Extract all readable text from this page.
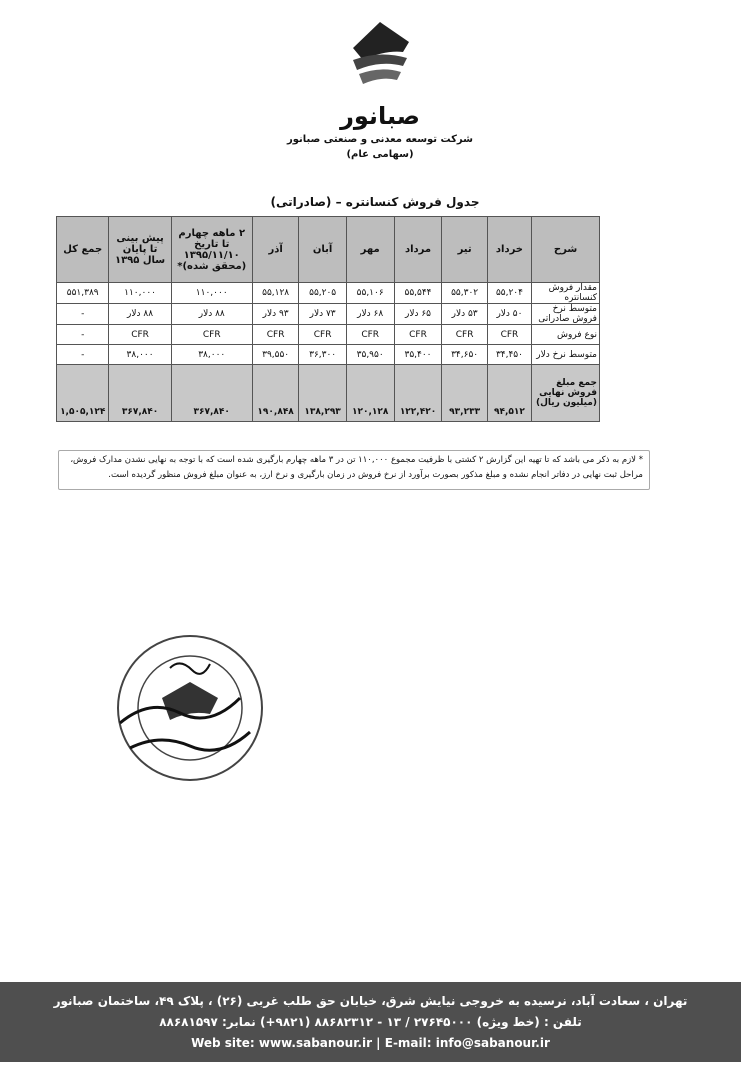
صبانور
شرکت توسعه معدنی و صنعتی صبانور
(سهامی عام)
جدول فروش کنسانتره – (صادراتی)
شرح	خرداد	تیر	مرداد	مهر	آبان	آذر	۲ ماهه چهارم تا تاریخ ۱۳۹۵/۱۱/۱۰ (محقق شده)*	پیش بینی تا پایان سال ۱۳۹۵	جمع کل
مقدار فروش کنسانتره	۵۵,۲۰۴	۵۵,۳۰۲	۵۵,۵۴۴	۵۵,۱۰۶	۵۵,۲۰۵	۵۵,۱۲۸	۱۱۰,۰۰۰	۱۱۰,۰۰۰	۵۵۱,۳۸۹
متوسط نرخ فروش صادراتی	۵۰ دلار	۵۳ دلار	۶۵ دلار	۶۸ دلار	۷۳ دلار	۹۳ دلار	۸۸ دلار	۸۸ دلار	-
نوع فروش	CFR	CFR	CFR	CFR	CFR	CFR	CFR	CFR	-
متوسط نرخ دلار	۳۴,۴۵۰	۳۴,۶۵۰	۳۵,۴۰۰	۳۵,۹۵۰	۳۶,۳۰۰	۳۹,۵۵۰	۳۸,۰۰۰	۳۸,۰۰۰	-
جمع مبلغ فروش نهایی (میلیون ریال)	۹۴,۵۱۲	۹۳,۲۳۳	۱۲۲,۴۲۰	۱۲۰,۱۲۸	۱۳۸,۲۹۳	۱۹۰,۸۴۸	۳۶۷,۸۴۰	۳۶۷,۸۴۰	۱,۵۰۵,۱۲۴
* لازم به ذکر می باشد که تا تهیه این گزارش ۲ کشتی با ظرفیت مجموع ۱۱۰,۰۰۰ تن در ۳ ماهه چهارم بارگیری شده است که با توجه به نهایی نشدن مدارک فروش، مراحل ثبت نهایی در دفاتر انجام نشده و مبلغ مذکور بصورت برآورد از نرخ فروش در زمان بارگیری و نرخ ارز، به عنوان مبلغ فروش منظور گردیده است.
تهران ، سعادت آباد، نرسیده به خروجی نیایش شرق، خیابان حق طلب غربی (۲۶) ، پلاک ۴۹، ساختمان صبانور
تلفن : (خط ویژه) ۲۷۶۴۵۰۰۰ / ۱۳ - ۸۸۶۸۲۳۱۲ (۹۸۲۱+) نمابر: ۸۸۶۸۱۵۹۷
Web site: www.sabanour.ir | E-mail: info@sabanour.ir
